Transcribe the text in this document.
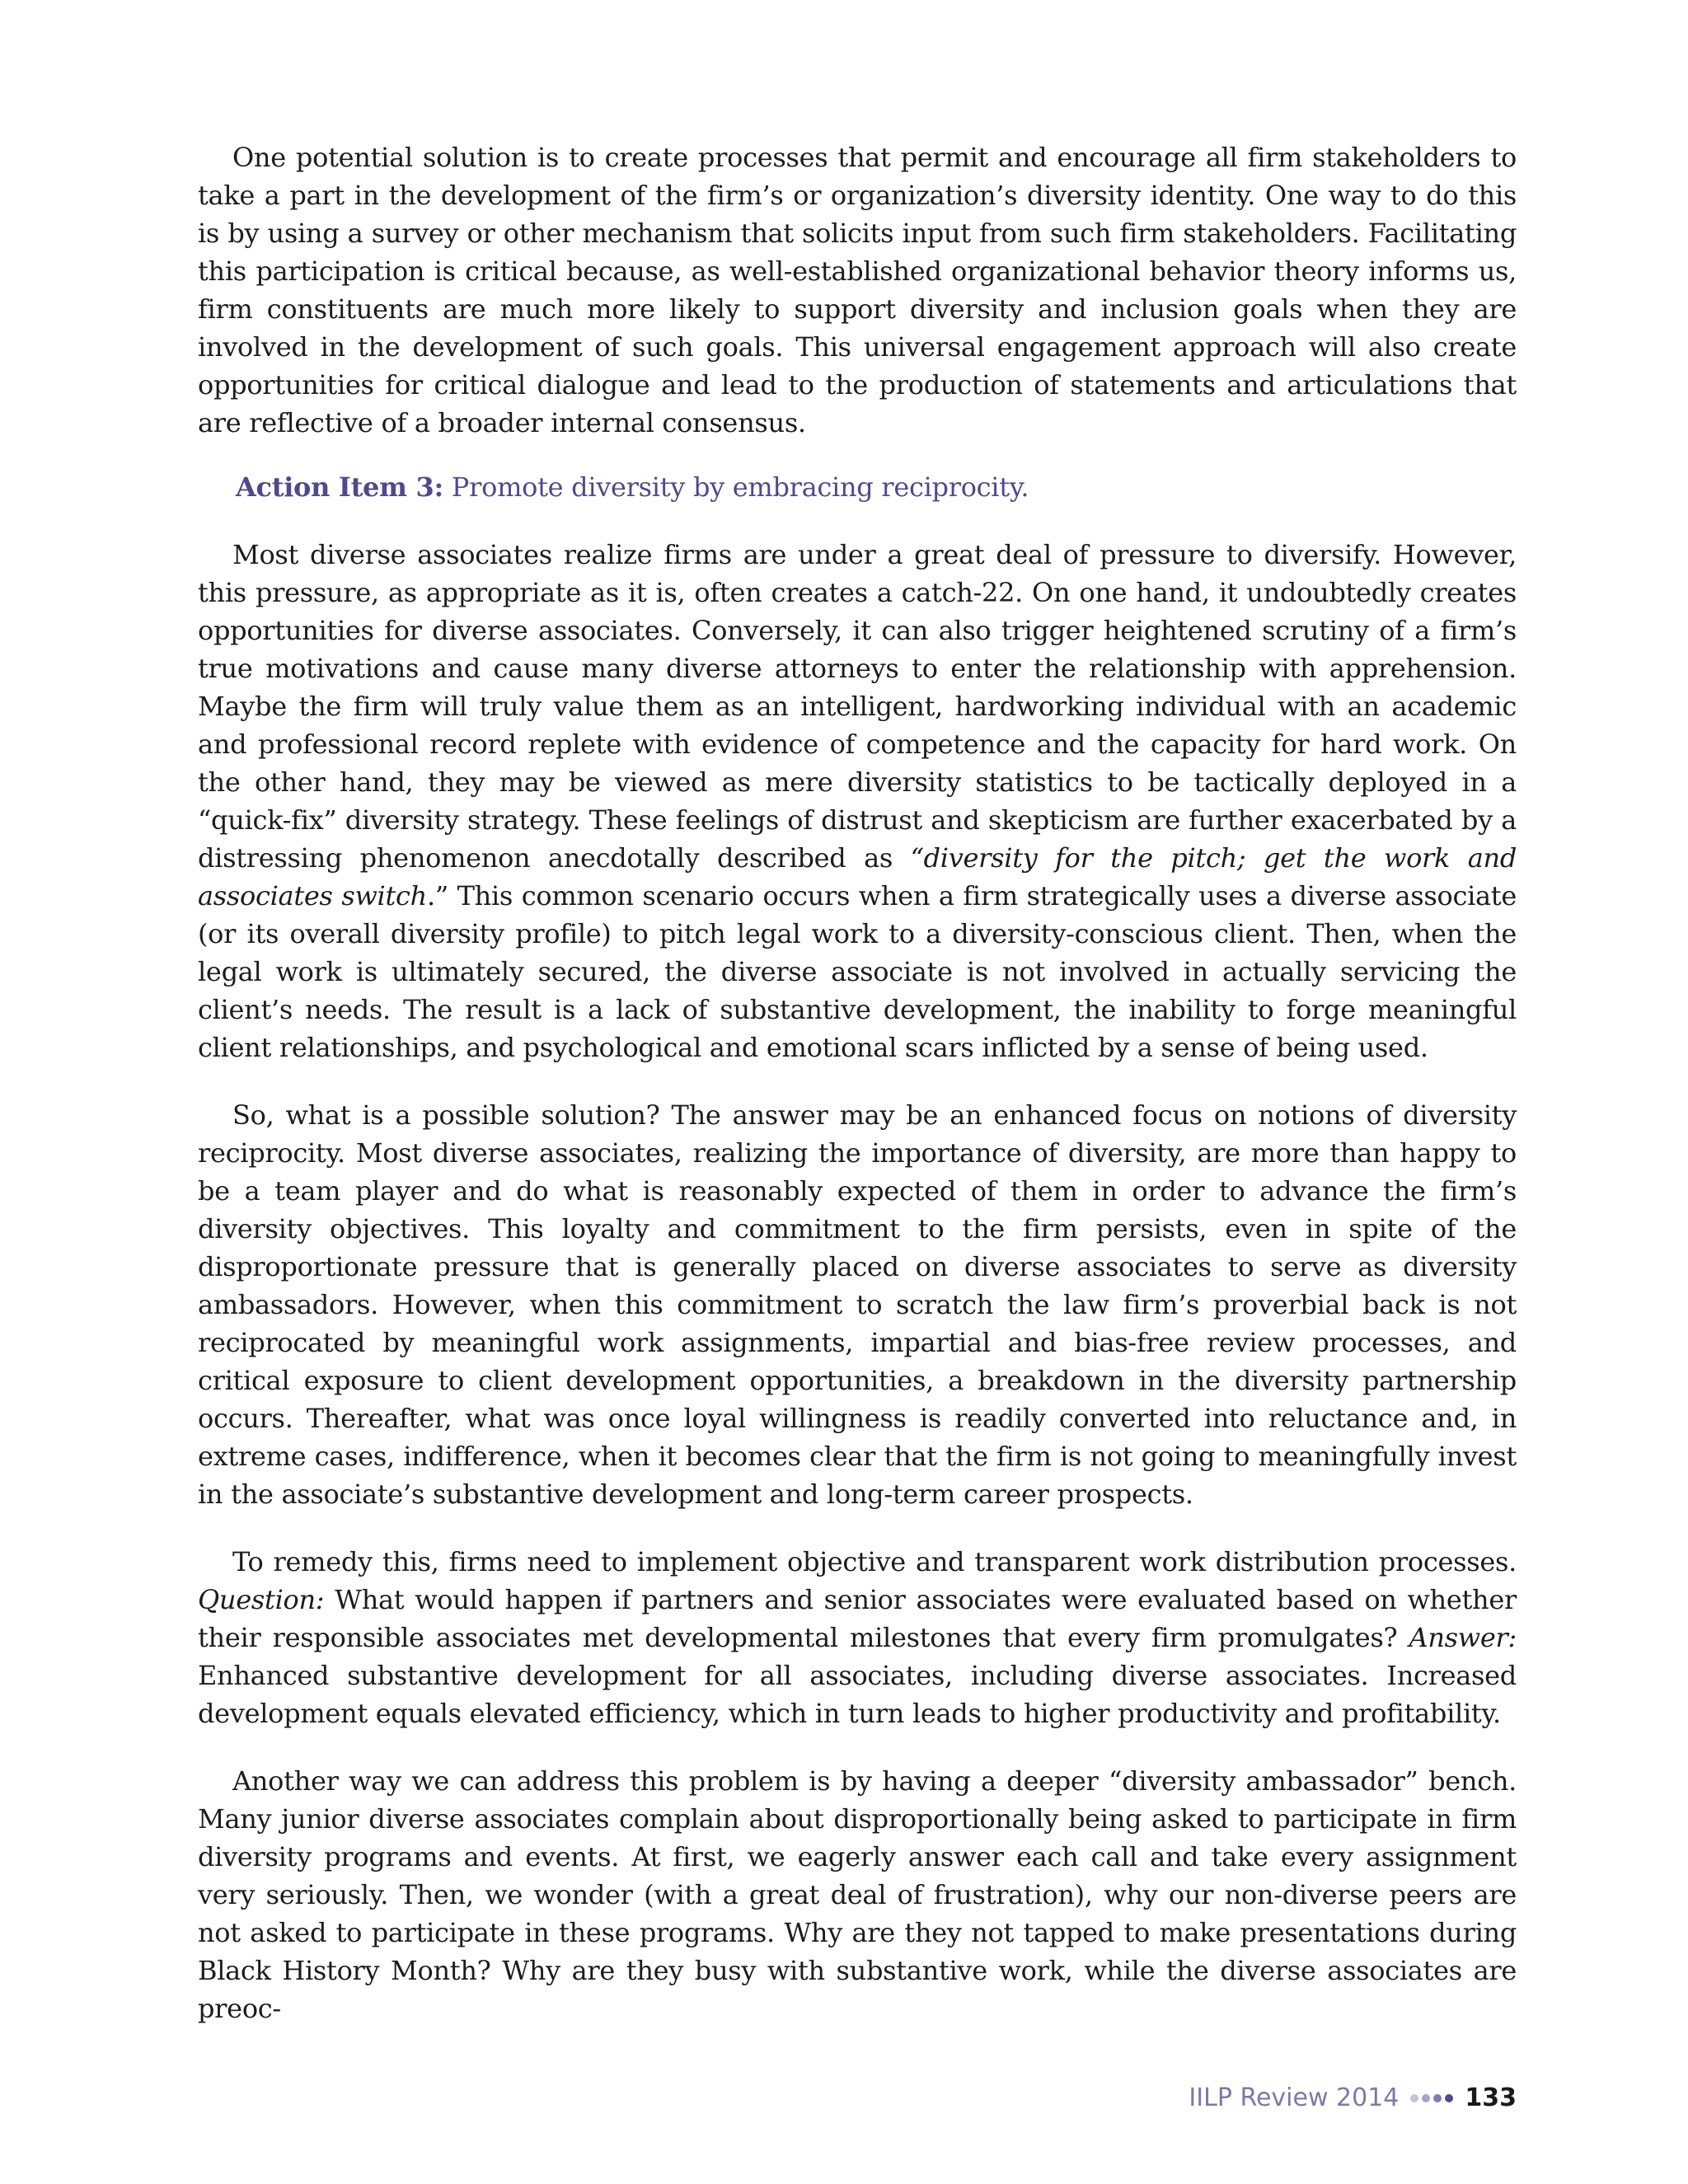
One potential solution is to create processes that permit and encourage all firm stakeholders to take a part in the development of the firm’s or organization’s diversity identity. One way to do this is by using a survey or other mechanism that solicits input from such firm stakeholders. Facilitating this participation is critical because, as well-established organizational behavior theory informs us, firm constituents are much more likely to support diversity and inclusion goals when they are involved in the development of such goals. This universal engagement approach will also create opportunities for critical dialogue and lead to the production of statements and articulations that are reflective of a broader internal consensus.

Action Item 3: Promote diversity by embracing reciprocity.

Most diverse associates realize firms are under a great deal of pressure to diversify. However, this pressure, as appropriate as it is, often creates a catch-22. On one hand, it undoubtedly creates opportunities for diverse associates. Conversely, it can also trigger heightened scrutiny of a firm’s true motivations and cause many diverse attorneys to enter the relationship with apprehension. Maybe the firm will truly value them as an intelligent, hardworking individual with an academic and professional record replete with evidence of competence and the capacity for hard work. On the other hand, they may be viewed as mere diversity statistics to be tactically deployed in a “quick-fix” diversity strategy. These feelings of distrust and skepticism are further exacerbated by a distressing phenomenon anecdotally described as “diversity for the pitch; get the work and associates switch.” This common scenario occurs when a firm strategically uses a diverse associate (or its overall diversity profile) to pitch legal work to a diversity-conscious client. Then, when the legal work is ultimately secured, the diverse associate is not involved in actually servicing the client’s needs. The result is a lack of substantive development, the inability to forge meaningful client relationships, and psychological and emotional scars inflicted by a sense of being used.

So, what is a possible solution? The answer may be an enhanced focus on notions of diversity reciprocity. Most diverse associates, realizing the importance of diversity, are more than happy to be a team player and do what is reasonably expected of them in order to advance the firm’s diversity objectives. This loyalty and commitment to the firm persists, even in spite of the disproportionate pressure that is generally placed on diverse associates to serve as diversity ambassadors. However, when this commitment to scratch the law firm’s proverbial back is not reciprocated by meaningful work assignments, impartial and bias-free review processes, and critical exposure to client development opportunities, a breakdown in the diversity partnership occurs. Thereafter, what was once loyal willingness is readily converted into reluctance and, in extreme cases, indifference, when it becomes clear that the firm is not going to meaningfully invest in the associate’s substantive development and long-term career prospects.

To remedy this, firms need to implement objective and transparent work distribution processes. Question: What would happen if partners and senior associates were evaluated based on whether their responsible associates met developmental milestones that every firm promulgates? Answer: Enhanced substantive development for all associates, including diverse associates. Increased development equals elevated efficiency, which in turn leads to higher productivity and profitability.

Another way we can address this problem is by having a deeper “diversity ambassador” bench. Many junior diverse associates complain about disproportionally being asked to participate in firm diversity programs and events. At first, we eagerly answer each call and take every assignment very seriously. Then, we wonder (with a great deal of frustration), why our non-diverse peers are not asked to participate in these programs. Why are they not tapped to make presentations during Black History Month? Why are they busy with substantive work, while the diverse associates are preoc-

IILP Review 2014	133
